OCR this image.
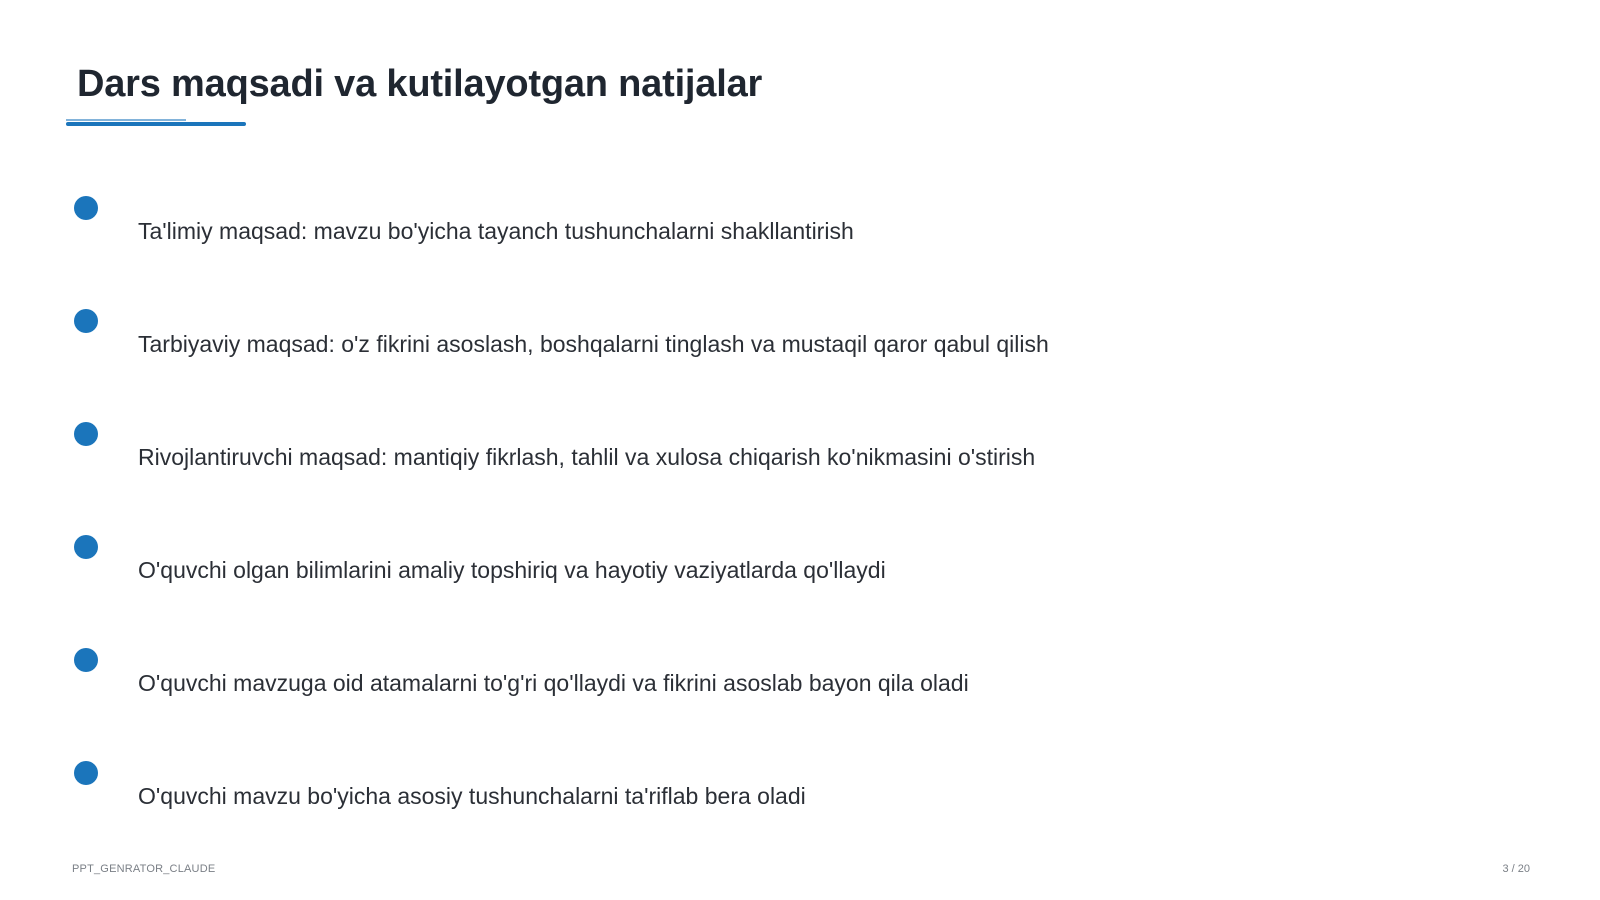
Dars maqsadi va kutilayotgan natijalar
Ta'limiy maqsad: mavzu bo'yicha tayanch tushunchalarni shakllantirish
Tarbiyaviy maqsad: o'z fikrini asoslash, boshqalarni tinglash va mustaqil qaror qabul qilish
Rivojlantiruvchi maqsad: mantiqiy fikrlash, tahlil va xulosa chiqarish ko'nikmasini o'stirish
O'quvchi olgan bilimlarini amaliy topshiriq va hayotiy vaziyatlarda qo'llaydi
O'quvchi mavzuga oid atamalarni to'g'ri qo'llaydi va fikrini asoslab bayon qila oladi
O'quvchi mavzu bo'yicha asosiy tushunchalarni ta'riflab bera oladi
PPT_GENRATOR_CLAUDE	3 / 20
